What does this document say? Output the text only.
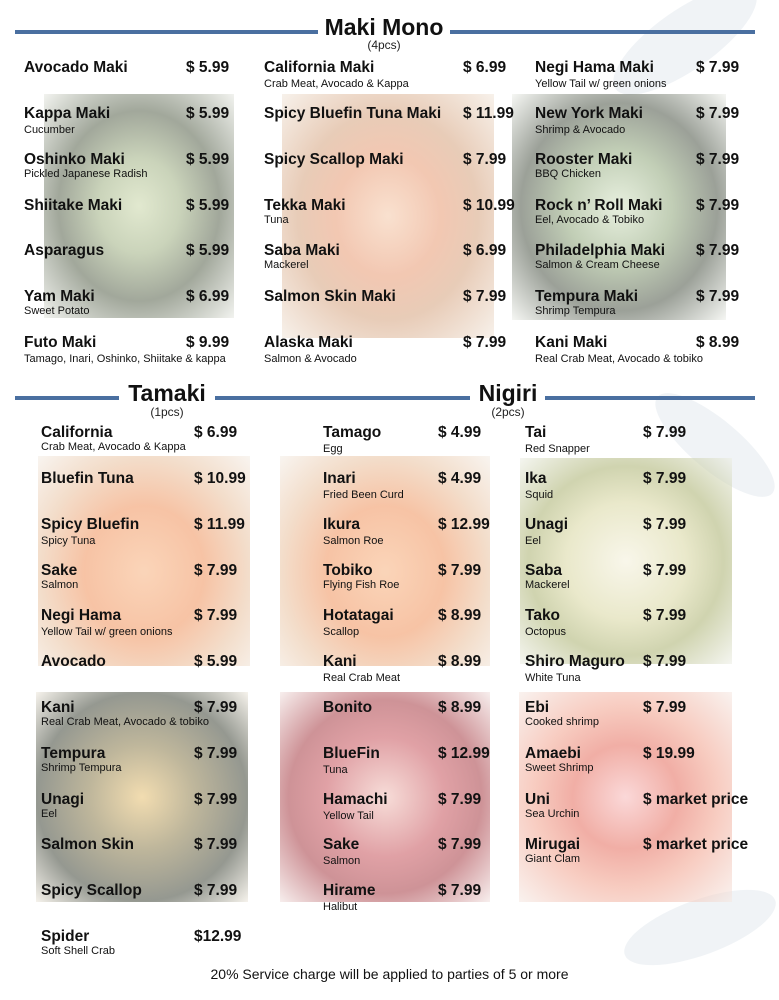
Maki Mono
(4pcs)
Tamaki
(1pcs)
Nigiri
(2pcs)
Avocado Maki	$ 5.99
Kappa Maki	$ 5.99
Cucumber
Oshinko Maki	$ 5.99
Pickled Japanese Radish
Shiitake Maki	$ 5.99
Asparagus	$ 5.99
Yam Maki	$ 6.99
Sweet Potato
Futo Maki	$ 9.99
Tamago, Inari, Oshinko, Shiitake & kappa
California Maki	$ 6.99
Crab Meat, Avocado & Kappa
Spicy Bluefin Tuna Maki $ 11.99
Spicy Scallop Maki	$ 7.99
Tekka Maki	$ 10.99
Tuna
Saba Maki	$ 6.99
Mackerel
Salmon Skin Maki	$ 7.99
Alaska Maki	$ 7.99
Salmon & Avocado
Negi Hama Maki	$ 7.99
Yellow Tail w/ green onions
New York Maki	$ 7.99
Shrimp & Avocado
Rooster Maki	$ 7.99
BBQ Chicken
Rock n’ Roll Maki $ 7.99
Eel, Avocado & Tobiko
Philadelphia Maki $ 7.99
Salmon & Cream Cheese
Tempura Maki	$ 7.99
Shrimp Tempura
Kani Maki	$ 8.99
Real Crab Meat, Avocado & tobiko
California	$ 6.99
Crab Meat, Avocado & Kappa
Bluefin Tuna	$ 10.99
Spicy Bluefin	$ 11.99
Spicy Tuna
Sake	$ 7.99
Salmon
Negi Hama	$ 7.99
Yellow Tail w/ green onions
Avocado	$ 5.99
Kani	$ 7.99
Real Crab Meat, Avocado & tobiko
Tempura	$ 7.99
Shrimp Tempura
Unagi	$ 7.99
Eel
Salmon Skin	$ 7.99
Spicy Scallop	$ 7.99
Spider	$12.99
Soft Shell Crab
Tamago	$ 4.99
Egg
Inari	$ 4.99
Fried Been Curd
Ikura	$ 12.99
Salmon Roe
Tobiko	$ 7.99
Flying Fish Roe
Hotatagai	$ 8.99
Scallop
Kani	$ 8.99
Real Crab Meat
Bonito	$ 8.99
BlueFin	$ 12.99
Tuna
Hamachi	$ 7.99
Yellow Tail
Sake	$ 7.99
Salmon
Hirame	$ 7.99
Halibut
Tai	$ 7.99
Red Snapper
Ika	$ 7.99
Squid
Unagi	$ 7.99
Eel
Saba	$ 7.99
Mackerel
Tako	$ 7.99
Octopus
Shiro Maguro $ 7.99
White Tuna
Ebi	$ 7.99
Cooked shrimp
Amaebi	$ 19.99
Sweet Shrimp
Uni	$ market price
Sea Urchin
Mirugai	$ market price
Giant Clam
20% Service charge will be applied to parties of 5 or more
